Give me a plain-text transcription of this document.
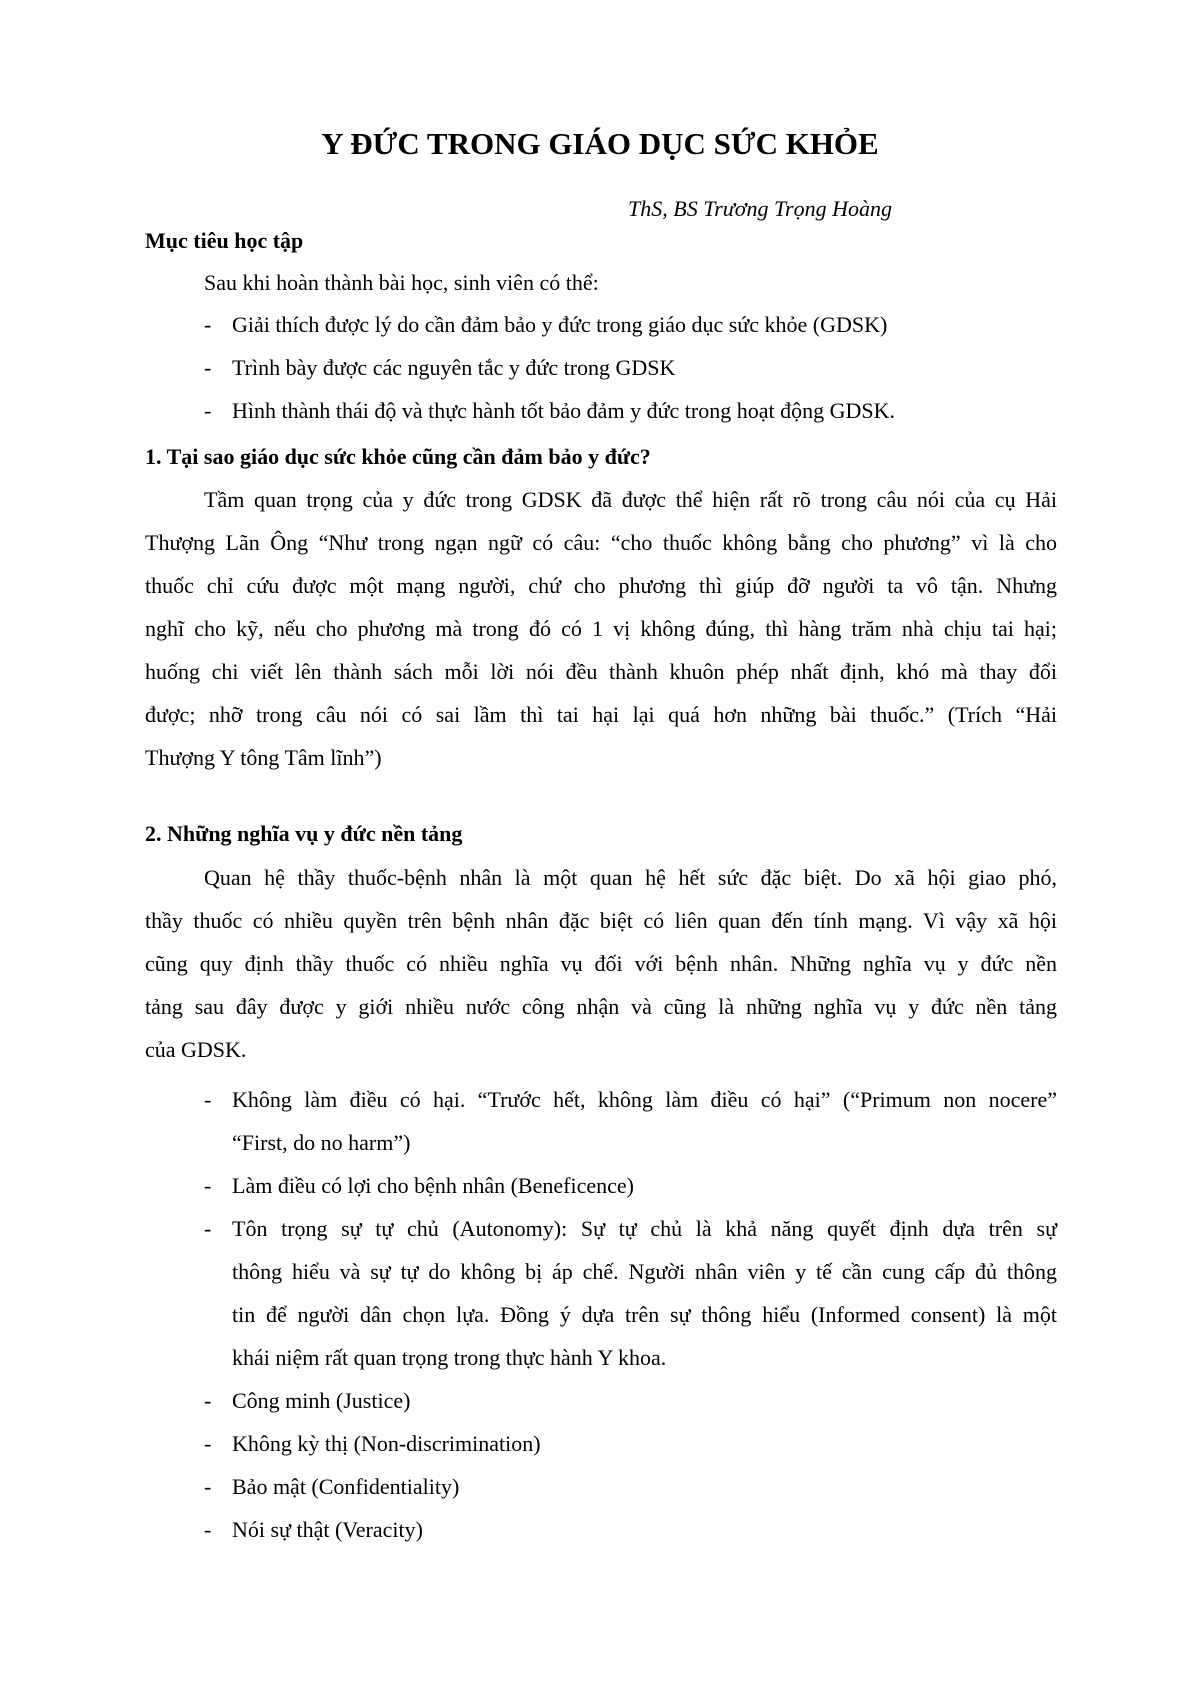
Y ĐỨC TRONG GIÁO DỤC SỨC KHỎE

ThS, BS Trương Trọng Hoàng

Mục tiêu học tập

Sau khi hoàn thành bài học, sinh viên có thể:

- Giải thích được lý do cần đảm bảo y đức trong giáo dục sức khỏe (GDSK)

- Trình bày được các nguyên tắc y đức trong GDSK

- Hình thành thái độ và thực hành tốt bảo đảm y đức trong hoạt động GDSK.

1. Tại sao giáo dục sức khỏe cũng cần đảm bảo y đức?

Tầm quan trọng của y đức trong GDSK đã được thể hiện rất rõ trong câu nói của cụ Hải
Thượng Lãn Ông “Như trong ngạn ngữ có câu: “cho thuốc không bằng cho phương” vì là cho
thuốc chỉ cứu được một mạng người, chứ cho phương thì giúp đỡ người ta vô tận. Nhưng
nghĩ cho kỹ, nếu cho phương mà trong đó có 1 vị không đúng, thì hàng trăm nhà chịu tai hại;
huống chi viết lên thành sách mỗi lời nói đều thành khuôn phép nhất định, khó mà thay đổi
được; nhỡ trong câu nói có sai lầm thì tai hại lại quá hơn những bài thuốc.” (Trích “Hải
Thượng Y tông Tâm lĩnh”)

2. Những nghĩa vụ y đức nền tảng

Quan hệ thầy thuốc-bệnh nhân là một quan hệ hết sức đặc biệt. Do xã hội giao phó,
thầy thuốc có nhiều quyền trên bệnh nhân đặc biệt có liên quan đến tính mạng. Vì vậy xã hội
cũng quy định thầy thuốc có nhiều nghĩa vụ đối với bệnh nhân. Những nghĩa vụ y đức nền
tảng sau đây được y giới nhiều nước công nhận và cũng là những nghĩa vụ y đức nền tảng
của GDSK.

- Không làm điều có hại. “Trước hết, không làm điều có hại” (“Primum non nocere”
“First, do no harm”)

- Làm điều có lợi cho bệnh nhân (Beneficence)

- Tôn trọng sự tự chủ (Autonomy): Sự tự chủ là khả năng quyết định dựa trên sự
thông hiểu và sự tự do không bị áp chế. Người nhân viên y tế cần cung cấp đủ thông
tin để người dân chọn lựa. Đồng ý dựa trên sự thông hiểu (Informed consent) là một
khái niệm rất quan trọng trong thực hành Y khoa.

- Công minh (Justice)

- Không kỳ thị (Non-discrimination)

- Bảo mật (Confidentiality)

- Nói sự thật (Veracity)
